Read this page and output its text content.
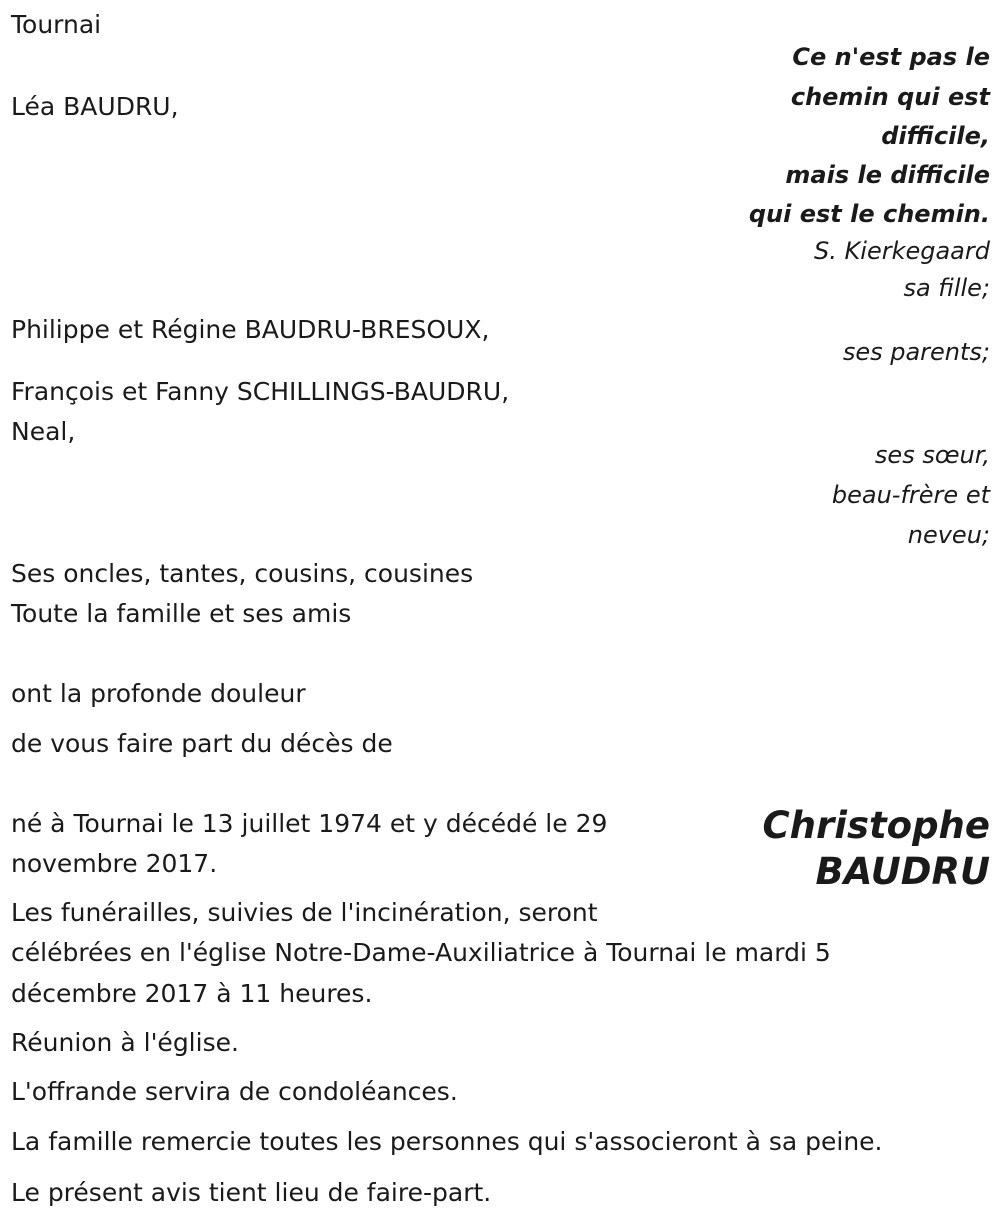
Tournai

Ce n'est pas le

chemin qui est

difficile,

mais le difficile

qui est le chemin.

S. Kierkegaard

Léa BAUDRU,

sa fille;

Philippe et Régine BAUDRU-BRESOUX,

ses parents;

François et Fanny SCHILLINGS-BAUDRU,

Neal,

ses sœur,

beau-frère et

neveu;

Ses oncles, tantes, cousins, cousines

Toute la famille et ses amis

ont la profonde douleur

de vous faire part du décès de

Christophe
BAUDRU

né à Tournai le 13 juillet 1974 et y décédé le 29

novembre 2017.

Les funérailles, suivies de l'incinération, seront

célébrées en l'église Notre-Dame-Auxiliatrice à Tournai le mardi 5

décembre 2017 à 11 heures.

Réunion à l'église.

L'offrande servira de condoléances.

La famille remercie toutes les personnes qui s'associeront à sa peine.

Le présent avis tient lieu de faire-part.
